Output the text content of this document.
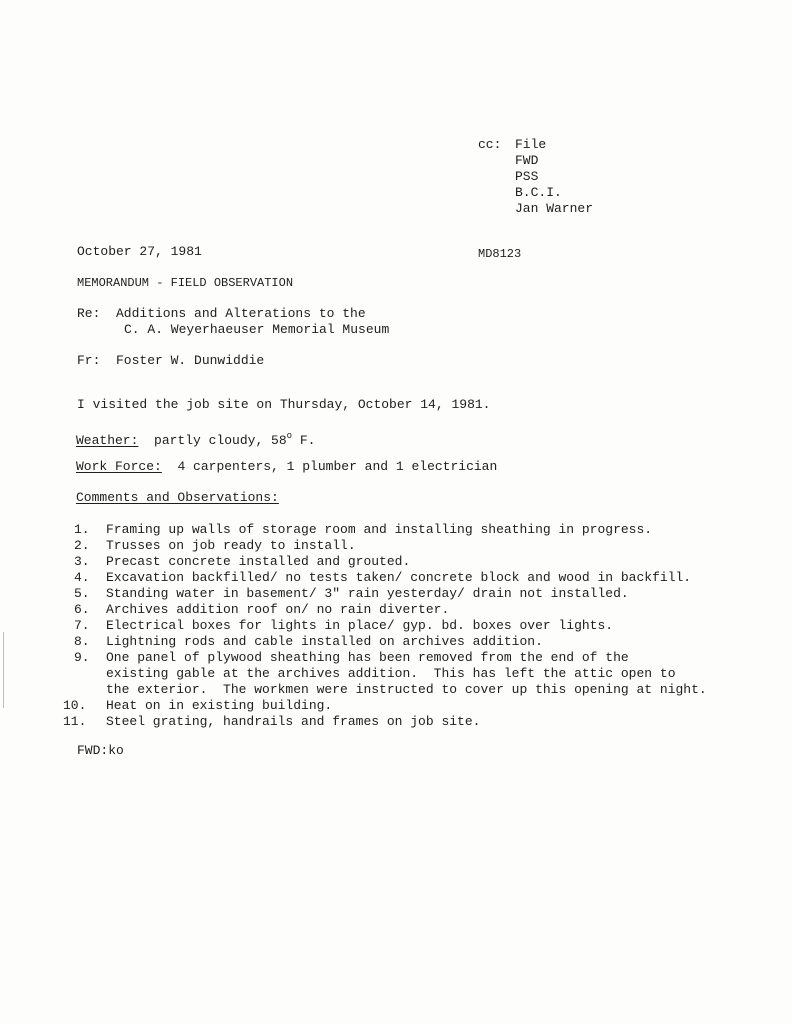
cc: File
FWD
PSS
B.C.I.
Jan Warner
October 27, 1981	MD8123
MEMORANDUM - FIELD OBSERVATION
Re: Additions and Alterations to the
C. A. Weyerhaeuser Memorial Museum
Fr: Foster W. Dunwiddie
I visited the job site on Thursday, October 14, 1981.
Weather: partly cloudy, 58$^o$ F.
Work Force: 4 carpenters, 1 plumber and 1 electrician
Comments and Observations:
1.	Framing up walls of storage room and installing sheathing in progress.
2.	Trusses on job ready to install.
3.	Precast concrete installed and grouted.
4.	Excavation backfilled/ no tests taken/ concrete block and wood in backfill.
5.	Standing water in basement/ 3" rain yesterday/ drain not installed.
6.	Archives addition roof on/ no rain diverter.
7.	Electrical boxes for lights in place/ gyp. bd. boxes over lights.
8.	Lightning rods and cable installed on archives addition.
9.	One panel of plywood sheathing has been removed from the end of the
existing gable at the archives addition.  This has left the attic open to
the exterior.  The workmen were instructed to cover up this opening at night.
10.	Heat on in existing building.
11.	Steel grating, handrails and frames on job site.
FWD:ko
